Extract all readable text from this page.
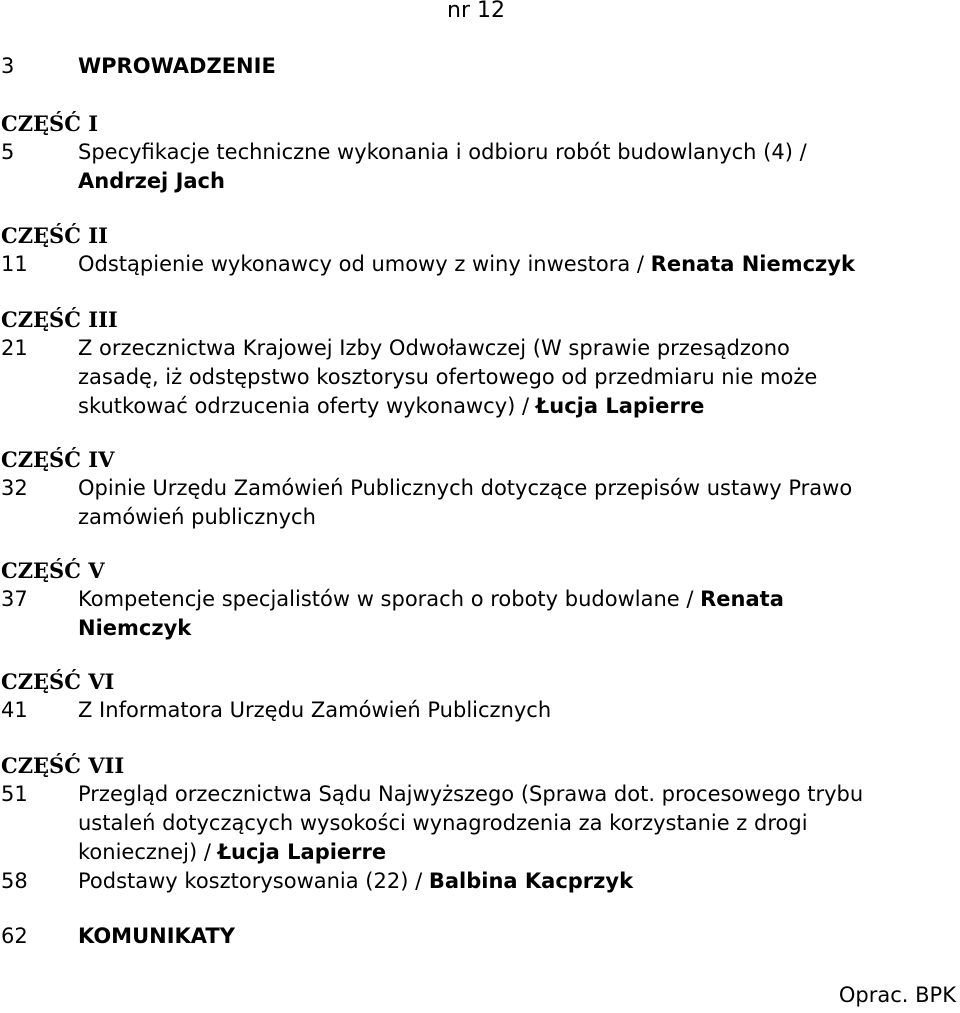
nr 12
3	WPROWADZENIE
CZĘŚĆ I
5	Specyfikacje techniczne wykonania i odbioru robót budowlanych (4) /
Andrzej Jach
CZĘŚĆ II
11	Odstąpienie wykonawcy od umowy z winy inwestora / Renata Niemczyk
CZĘŚĆ III
21	Z orzecznictwa Krajowej Izby Odwoławczej (W sprawie przesądzono
zasadę, iż odstępstwo kosztorysu ofertowego od przedmiaru nie może
skutkować odrzucenia oferty wykonawcy) / Łucja Lapierre
CZĘŚĆ IV
32	Opinie Urzędu Zamówień Publicznych dotyczące przepisów ustawy Prawo
zamówień publicznych
CZĘŚĆ V
37	Kompetencje specjalistów w sporach o roboty budowlane / Renata
Niemczyk
CZĘŚĆ VI
41	Z Informatora Urzędu Zamówień Publicznych
CZĘŚĆ VII
51	Przegląd orzecznictwa Sądu Najwyższego (Sprawa dot. procesowego trybu
ustaleń dotyczących wysokości wynagrodzenia za korzystanie z drogi
koniecznej) / Łucja Lapierre
58	Podstawy kosztorysowania (22) / Balbina Kacprzyk
62	KOMUNIKATY
Oprac. BPK
